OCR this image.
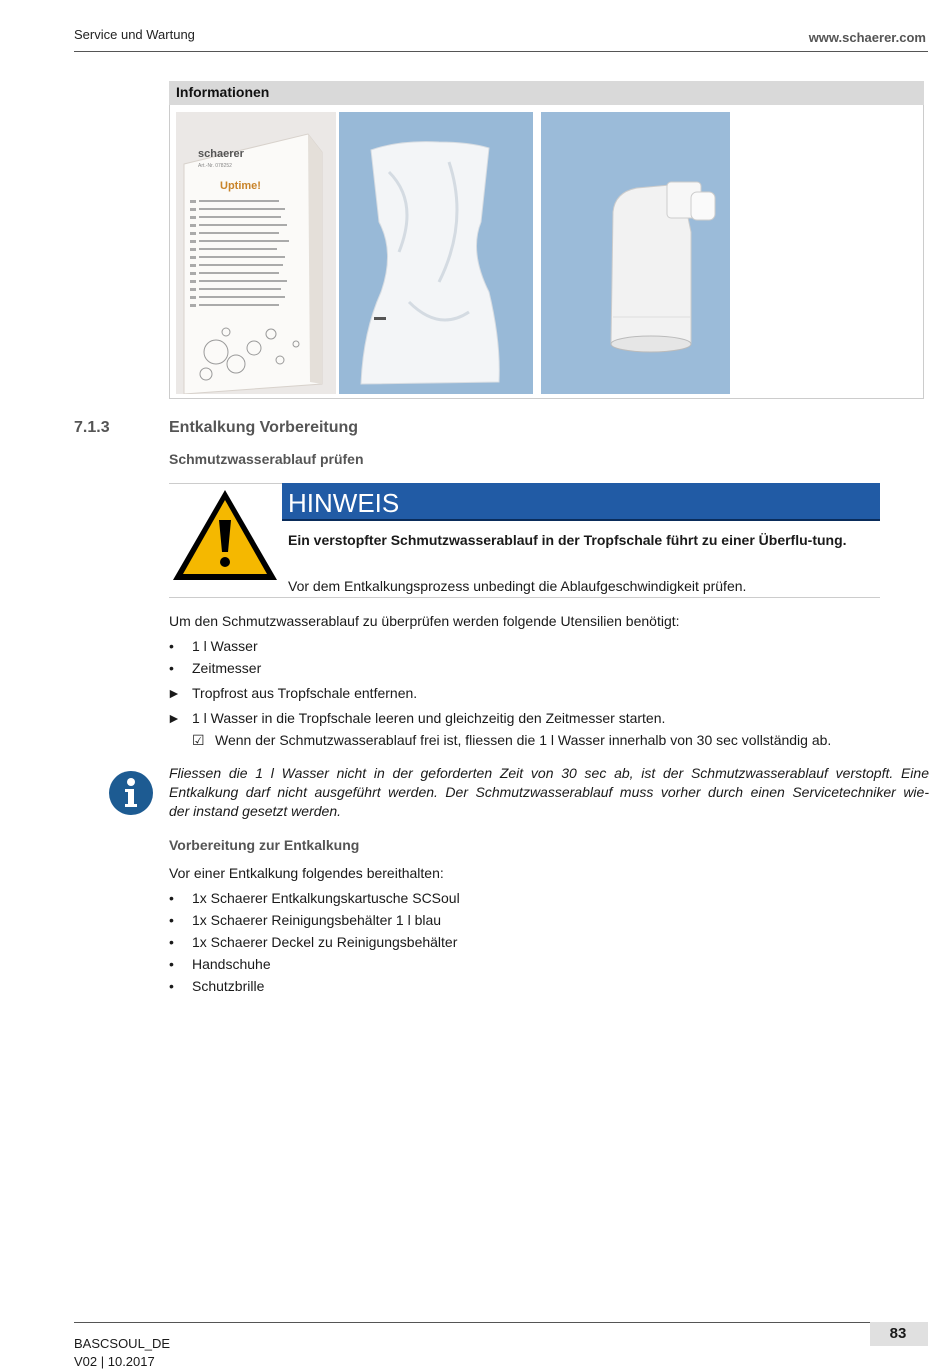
Service und Wartung	www.schaerer.com
Informationen
schaerer
Art.-Nr. 078252
Uptime!
7.1.3	Entkalkung Vorbereitung
Schmutzwasserablauf prüfen
HINWEIS
Ein verstopfter Schmutzwasserablauf in der Tropfschale führt zu einer Überflu-tung.
Vor dem Entkalkungsprozess unbedingt die Ablaufgeschwindigkeit prüfen.
Um den Schmutzwasserablauf zu überprüfen werden folgende Utensilien benötigt:
• 1 l Wasser
• Zeitmesser
► Tropfrost aus Tropfschale entfernen.
► 1 l Wasser in die Tropfschale leeren und gleichzeitig den Zeitmesser starten.
☑ Wenn der Schmutzwasserablauf frei ist, fliessen die 1 l Wasser innerhalb von 30 sec vollständig ab.
Fliessen die 1 l Wasser nicht in der geforderten Zeit von 30 sec ab, ist der Schmutzwasserablauf verstopft. Eine
Entkalkung darf nicht ausgeführt werden. Der Schmutzwasserablauf muss vorher durch einen Servicetechniker wie-
der instand gesetzt werden.
Vorbereitung zur Entkalkung
Vor einer Entkalkung folgendes bereithalten:
• 1x Schaerer Entkalkungskartusche SCSoul
• 1x Schaerer Reinigungsbehälter 1 l blau
• 1x Schaerer Deckel zu Reinigungsbehälter
• Handschuhe
• Schutzbrille
83
BASCSOUL_DE
V02 | 10.2017
